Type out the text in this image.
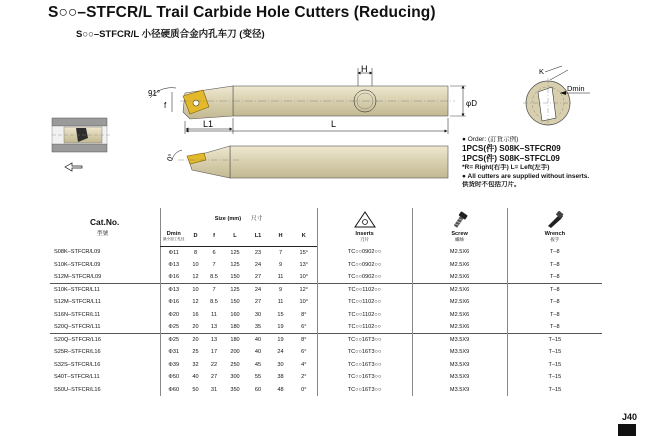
S○○–STFCR/L Trail Carbide Hole Cutters (Reducing)
S○○–STFCR/L 小径硬质合金内孔车刀 (变径)
91°
f
H
L1	L
φD
0°
K
Dmin
● Order: (訂貨示例)
1PCS(件) S08K–STFCR09
1PCS(件) S08K–STFCL09
*R= Right(右手) L= Left(左手)
● All cutters are supplied without inserts.
供货时不包括刀片。
Cat.No.
型號	Size (mm) 尺寸							Inserts
刀片	Screw
螺絲	Wrench
扳手

	Dmin
最小加工孔径	D	f	L	L1	H	K			
S08K–STFCR/L09	Φ11	8	6	125	23	7	15°	TC○○0902○○	M2.5X6	T–8
S10K–STFCR/L09	Φ13	10	7	125	24	9	13°	TC○○0902○○	M2.5X6	T–8
S12M–STFCR/L09	Φ16	12	8.5	150	27	11	10°	TC○○0902○○	M2.5X6	T–8
S10K–STFCR/L11	Φ13	10	7	125	24	9	12°	TC○○1102○○	M2.5X6	T–8
S12M–STFCR/L11	Φ16	12	8.5	150	27	11	10°	TC○○1102○○	M2.5X6	T–8
S16N–STFCR/L11	Φ20	16	11	160	30	15	8°	TC○○1102○○	M2.5X6	T–8
S20Q–STFCR/L11	Φ25	20	13	180	35	19	6°	TC○○1102○○	M2.5X6	T–8
S20Q–STFCR/L16	Φ25	20	13	180	40	19	8°	TC○○16T3○○	M3.5X9	T–15
S25R–STFCR/L16	Φ31	25	17	200	40	24	6°	TC○○16T3○○	M3.5X9	T–15
S32S–STFCR/L16	Φ39	32	22	250	45	30	4°	TC○○16T3○○	M3.5X9	T–15
S40T–STFCR/L11	Φ50	40	27	300	55	38	2°	TC○○16T3○○	M3.5X9	T–15
S50U–STFCR/L16	Φ60	50	31	350	60	48	0°	TC○○16T3○○	M3.5X9	T–15
J40
